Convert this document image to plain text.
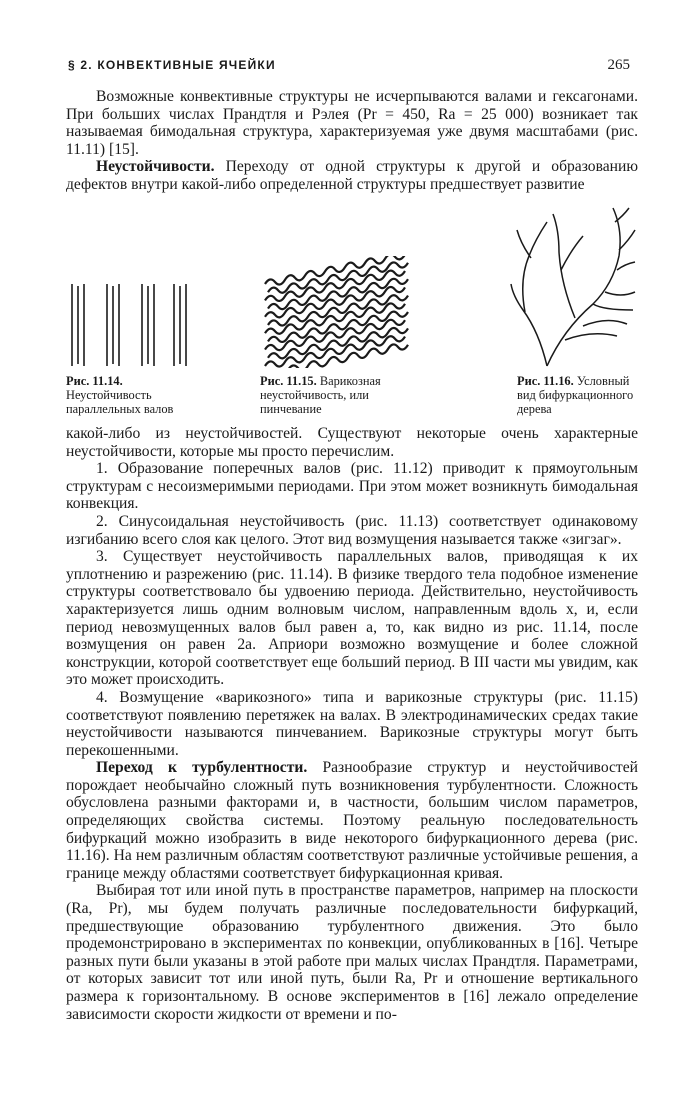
§ 2. КОНВЕКТИВНЫЕ ЯЧЕЙКИ	265

Возможные конвективные структуры не исчерпываются валами и гексагонами. При больших числах Прандтля и Рэлея (Pr = 450, Ra = 25 000) возникает так называемая бимодальная структура, характеризуемая уже двумя масштабами (рис. 11.11) [15].

Неустойчивости. Переходу от одной структуры к другой и образованию дефектов внутри какой-либо определенной структуры предшествует развитие

Рис. 11.14. Неустойчивость параллельных валов
Рис. 11.15. Варикозная неустойчивость, или пинчевание
Рис. 11.16. Условный вид бифуркационного дерева

какой-либо из неустойчивостей. Существуют некоторые очень характерные неустойчивости, которые мы просто перечислим.

1. Образование поперечных валов (рис. 11.12) приводит к прямоугольным структурам с несоизмеримыми периодами. При этом может возникнуть бимодальная конвекция.

2. Синусоидальная неустойчивость (рис. 11.13) соответствует одинаковому изгибанию всего слоя как целого. Этот вид возмущения называется также «зигзаг».

3. Существует неустойчивость параллельных валов, приводящая к их уплотнению и разрежению (рис. 11.14). В физике твердого тела подобное изменение структуры соответствовало бы удвоению периода. Действительно, неустойчивость характеризуется лишь одним волновым числом, направленным вдоль x, и, если период невозмущенных валов был равен a, то, как видно из рис. 11.14, после возмущения он равен 2a. Априори возможно возмущение и более сложной конструкции, которой соответствует еще больший период. В III части мы увидим, как это может происходить.

4. Возмущение «варикозного» типа и варикозные структуры (рис. 11.15) соответствуют появлению перетяжек на валах. В электродинамических средах такие неустойчивости называются пинчеванием. Варикозные структуры могут быть перекошенными.

Переход к турбулентности. Разнообразие структур и неустойчивостей порождает необычайно сложный путь возникновения турбулентности. Сложность обусловлена разными факторами и, в частности, большим числом параметров, определяющих свойства системы. Поэтому реальную последовательность бифуркаций можно изобразить в виде некоторого бифуркационного дерева (рис. 11.16). На нем различным областям соответствуют различные устойчивые решения, а границе между областями соответствует бифуркационная кривая.

Выбирая тот или иной путь в пространстве параметров, например на плоскости (Ra, Pr), мы будем получать различные последовательности бифуркаций, предшествующие образованию турбулентного движения. Это было продемонстрировано в экспериментах по конвекции, опубликованных в [16]. Четыре разных пути были указаны в этой работе при малых числах Прандтля. Параметрами, от которых зависит тот или иной путь, были Ra, Pr и отношение вертикального размера к горизонтальному. В основе экспериментов в [16] лежало определение зависимости скорости жидкости от времени и по-
